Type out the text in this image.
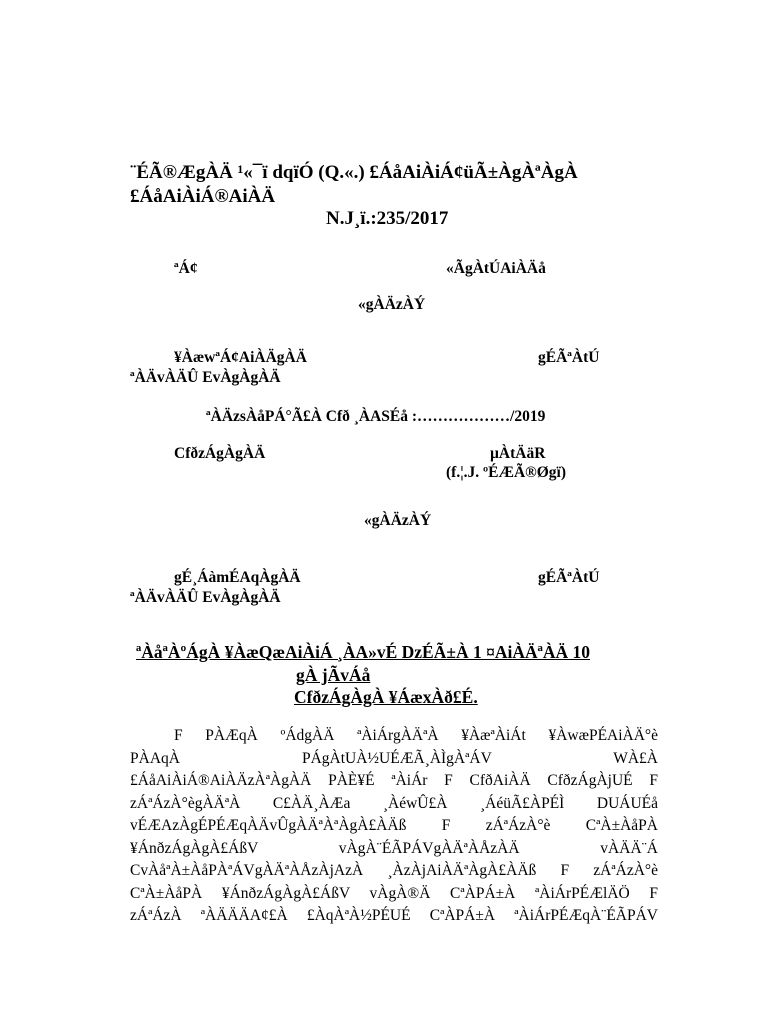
¨ÉÃ®ÆgÀÄ ¹«¯ï dqïÓ (Q.«.) £ÁåAiÀiÁ¢üÃ±ÀgÀªÀgÀ
£ÁåAiÀiÁ®AiÀÄ
N.J¸ï.:235/2017
ªÁ¢	«ÃgÀtÚAiÀÄå
«gÀÄzÀÝ
¥ÀæwªÁ¢AiÀÄgÀÄ	gÉÃªÀtÚ
ªÀÄvÀÄÛ EvÀgÀgÀÄ
ªÀÄzsÀåPÁ°Ã£À Cfð ¸ÀASÉå :………………/2019
CfðzÁgÀgÀÄ	µÀtÄäR
(f.¦.J. ºÉÆÃ®Øgï)
«gÀÄzÀÝ
gÉ¸ÁàmÉAqÀgÀÄ	gÉÃªÀtÚ
ªÀÄvÀÄÛ EvÀgÀgÀÄ
ªÀåªÀºÁgÀ ¥ÀæQæAiÀiÁ ¸ÀA»vÉ DzÉÃ±À 1 ¤AiÀÄªÀÄ 10
gÀ jÃvÁå
CfðzÁgÀgÀ ¥ÁæxÀð£É.

F PÀÆqÀ ºÁdgÀÄ ªÀiÁrgÀÄªÀ ¥ÀæªÀiÁt ¥ÀwæPÉAiÀÄ°è

PÀAqÀ PÁgÀtUÀ½UÉÆÃ¸ÀÌgÀªÁV WÀ£À

£ÁåAiÀiÁ®AiÀÄzÀªÀgÀÄ PÀÈ¥É ªÀiÁr F CfðAiÀÄ CfðzÁgÀjUÉ F

zÁªÁzÀ°ègÀÄªÀ C£ÀÄ¸ÀÆa ¸ÀéwÛ£À ¸ÁéüÃ£ÀPÉÌ DUÁUÉå

vÉÆAzÀgÉPÉÆqÀÄvÛgÀÄªÀªÀgÀ£ÀÄß F zÁªÁzÀ°è CªÀ±ÀåPÀ

¥ÁnðzÁgÀgÀ£ÁßV vÀgÀ¨ÉÃPÁVgÀÄªÀÅzÀÄ vÀÄÄ¨Á

CvÀåªÀ±ÀåPÀªÁVgÀÄªÀÅzÀjAzÀ ¸ÀzÀjAiÀÄªÀgÀ£ÀÄß F zÁªÁzÀ°è

CªÀ±ÀåPÀ ¥ÁnðzÁgÀgÀ£ÁßV vÀgÀ®Ä CªÀPÁ±À ªÀiÁrPÉÆlÄÖ F

zÁªÁzÀ ªÀÄÄÄA¢£À £ÀqÀªÀ½PÉUÉ CªÀPÁ±À ªÀiÁrPÉÆqÀ¨ÉÃPÁV
